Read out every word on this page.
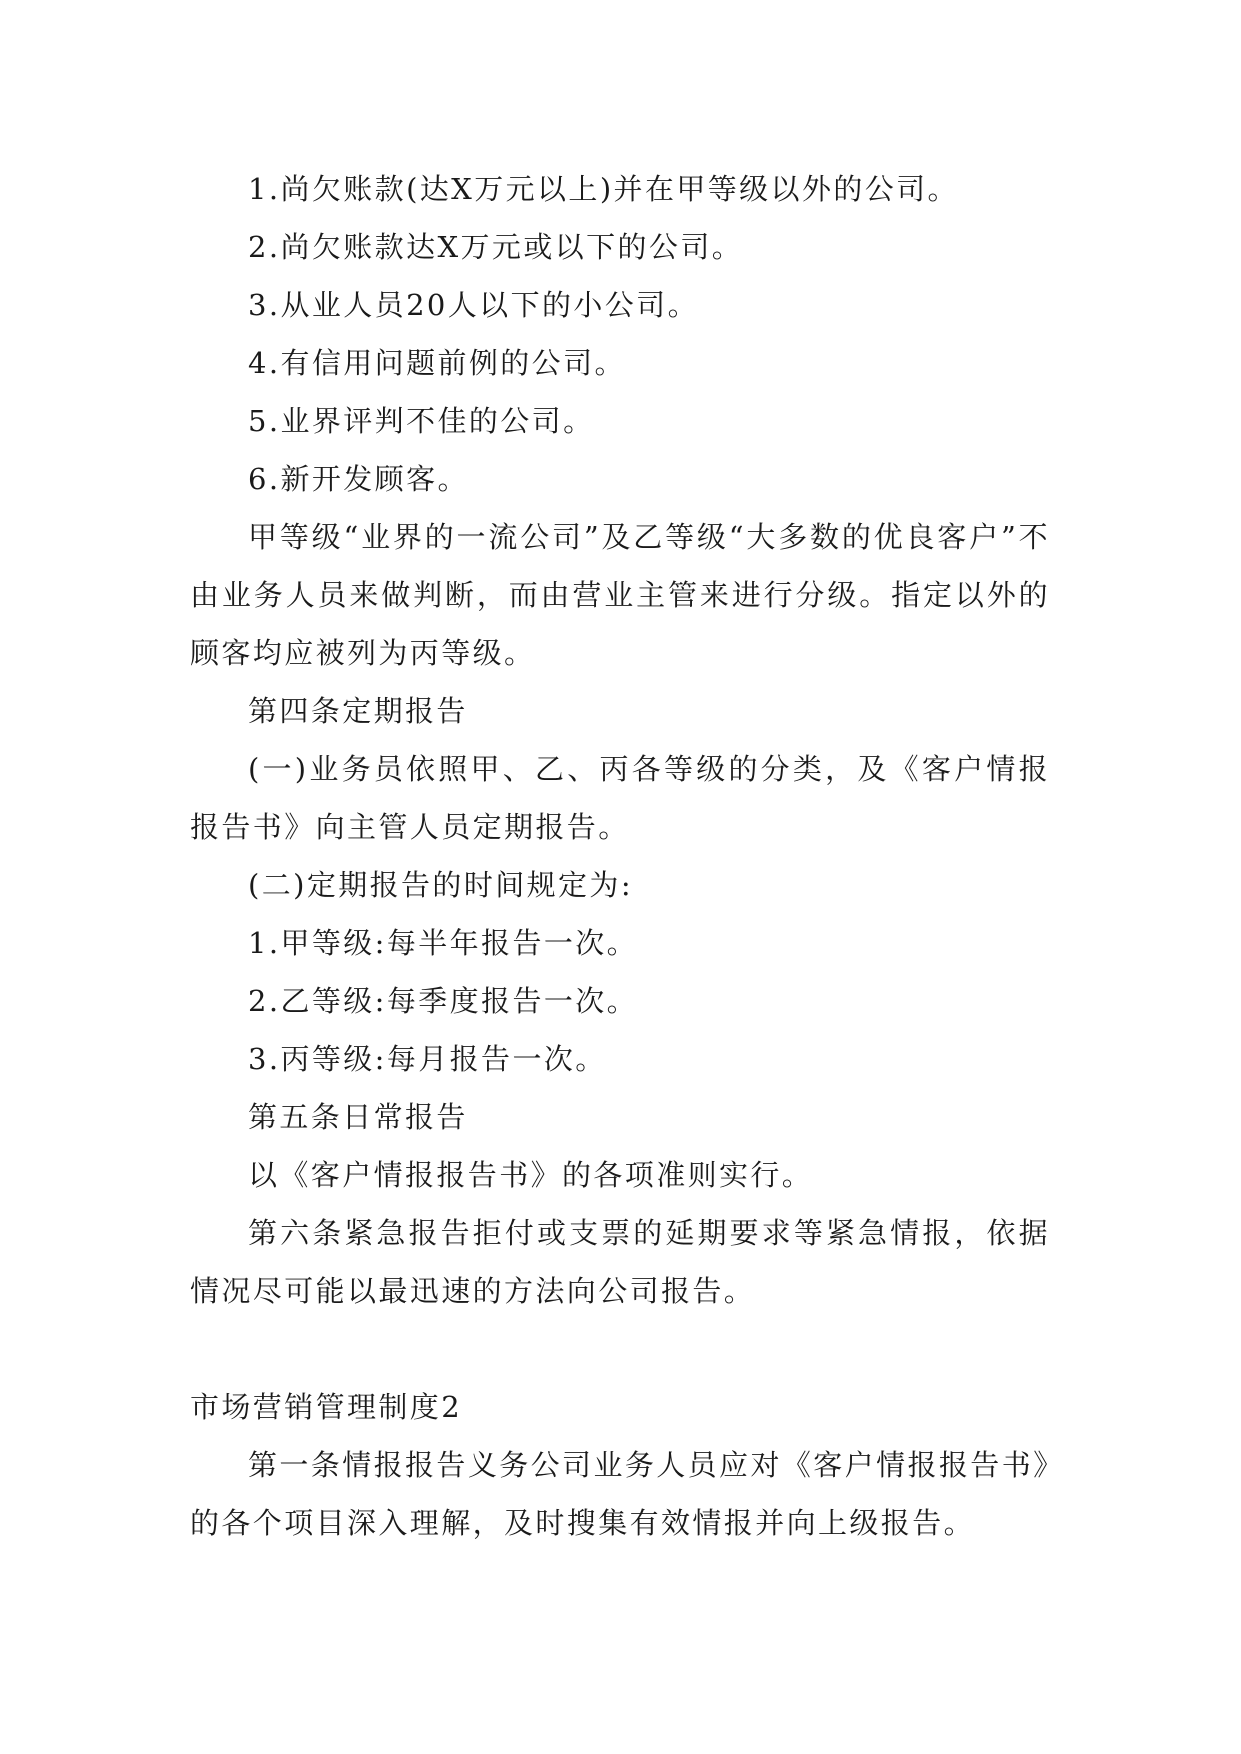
1.尚欠账款(达X万元以上)并在甲等级以外的公司。

2.尚欠账款达X万元或以下的公司。

3.从业人员20人以下的小公司。

4.有信用问题前例的公司。

5.业界评判不佳的公司。

6.新开发顾客。

甲等级“业界的一流公司”及乙等级“大多数的优良客户”不由业务人员来做判断，而由营业主管来进行分级。指定以外的顾客均应被列为丙等级。

第四条定期报告

(一)业务员依照甲、乙、丙各等级的分类，及《客户情报报告书》向主管人员定期报告。

(二)定期报告的时间规定为:

1.甲等级:每半年报告一次。

2.乙等级:每季度报告一次。

3.丙等级:每月报告一次。

第五条日常报告

以《客户情报报告书》的各项准则实行。

第六条紧急报告拒付或支票的延期要求等紧急情报，依据情况尽可能以最迅速的方法向公司报告。

市场营销管理制度2

第一条情报报告义务公司业务人员应对《客户情报报告书》的各个项目深入理解，及时搜集有效情报并向上级报告。
